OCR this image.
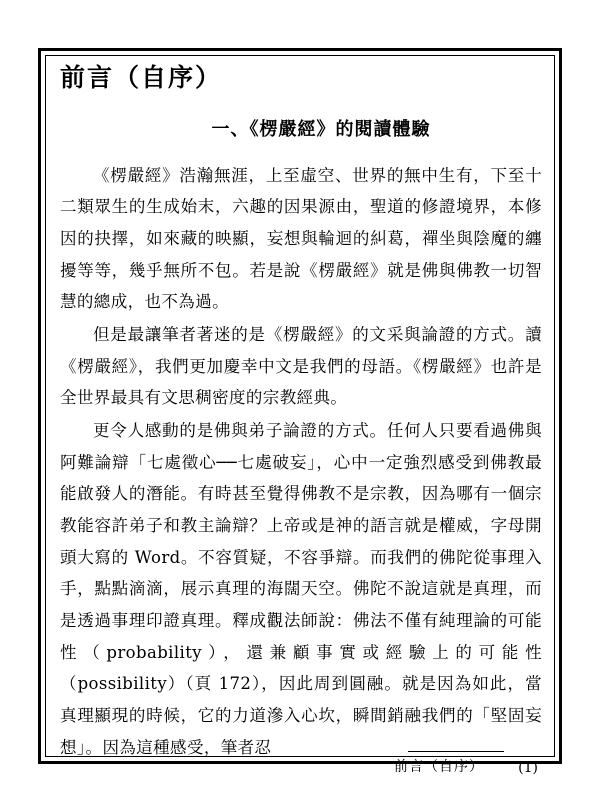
前言（自序）
一、《楞嚴經》的閱讀體驗

《楞嚴經》浩瀚無涯，上至虛空、世界的無中生有，下至十二類眾生的生成始末，六趣的因果源由，聖道的修證境界，本修因的抉擇，如來藏的映顯，妄想與輪迴的糾葛，禪坐與陰魔的纏擾等等，幾乎無所不包。若是說《楞嚴經》就是佛與佛教一切智慧的總成，也不為過。

但是最讓筆者著迷的是《楞嚴經》的文采與論證的方式。讀《楞嚴經》，我們更加慶幸中文是我們的母語。《楞嚴經》也許是全世界最具有文思稠密度的宗教經典。

更令人感動的是佛與弟子論證的方式。任何人只要看過佛與阿難論辯「七處徵心──七處破妄」，心中一定強烈感受到佛教最能啟發人的潛能。有時甚至覺得佛教不是宗教，因為哪有一個宗教能容許弟子和教主論辯？上帝或是神的語言就是權威，字母開頭大寫的 Word。不容質疑，不容爭辯。而我們的佛陀從事理入手，點點滴滴，展示真理的海闊天空。佛陀不說這就是真理，而是透過事理印證真理。釋成觀法師說：佛法不僅有純理論的可能性（probability），還兼顧事實或經驗上的可能性（possibility）（頁 172），因此周到圓融。就是因為如此，當真理顯現的時候，它的力道滲入心坎，瞬間銷融我們的「堅固妄想」。因為這種感受，筆者忍

前言（自序） (1)
